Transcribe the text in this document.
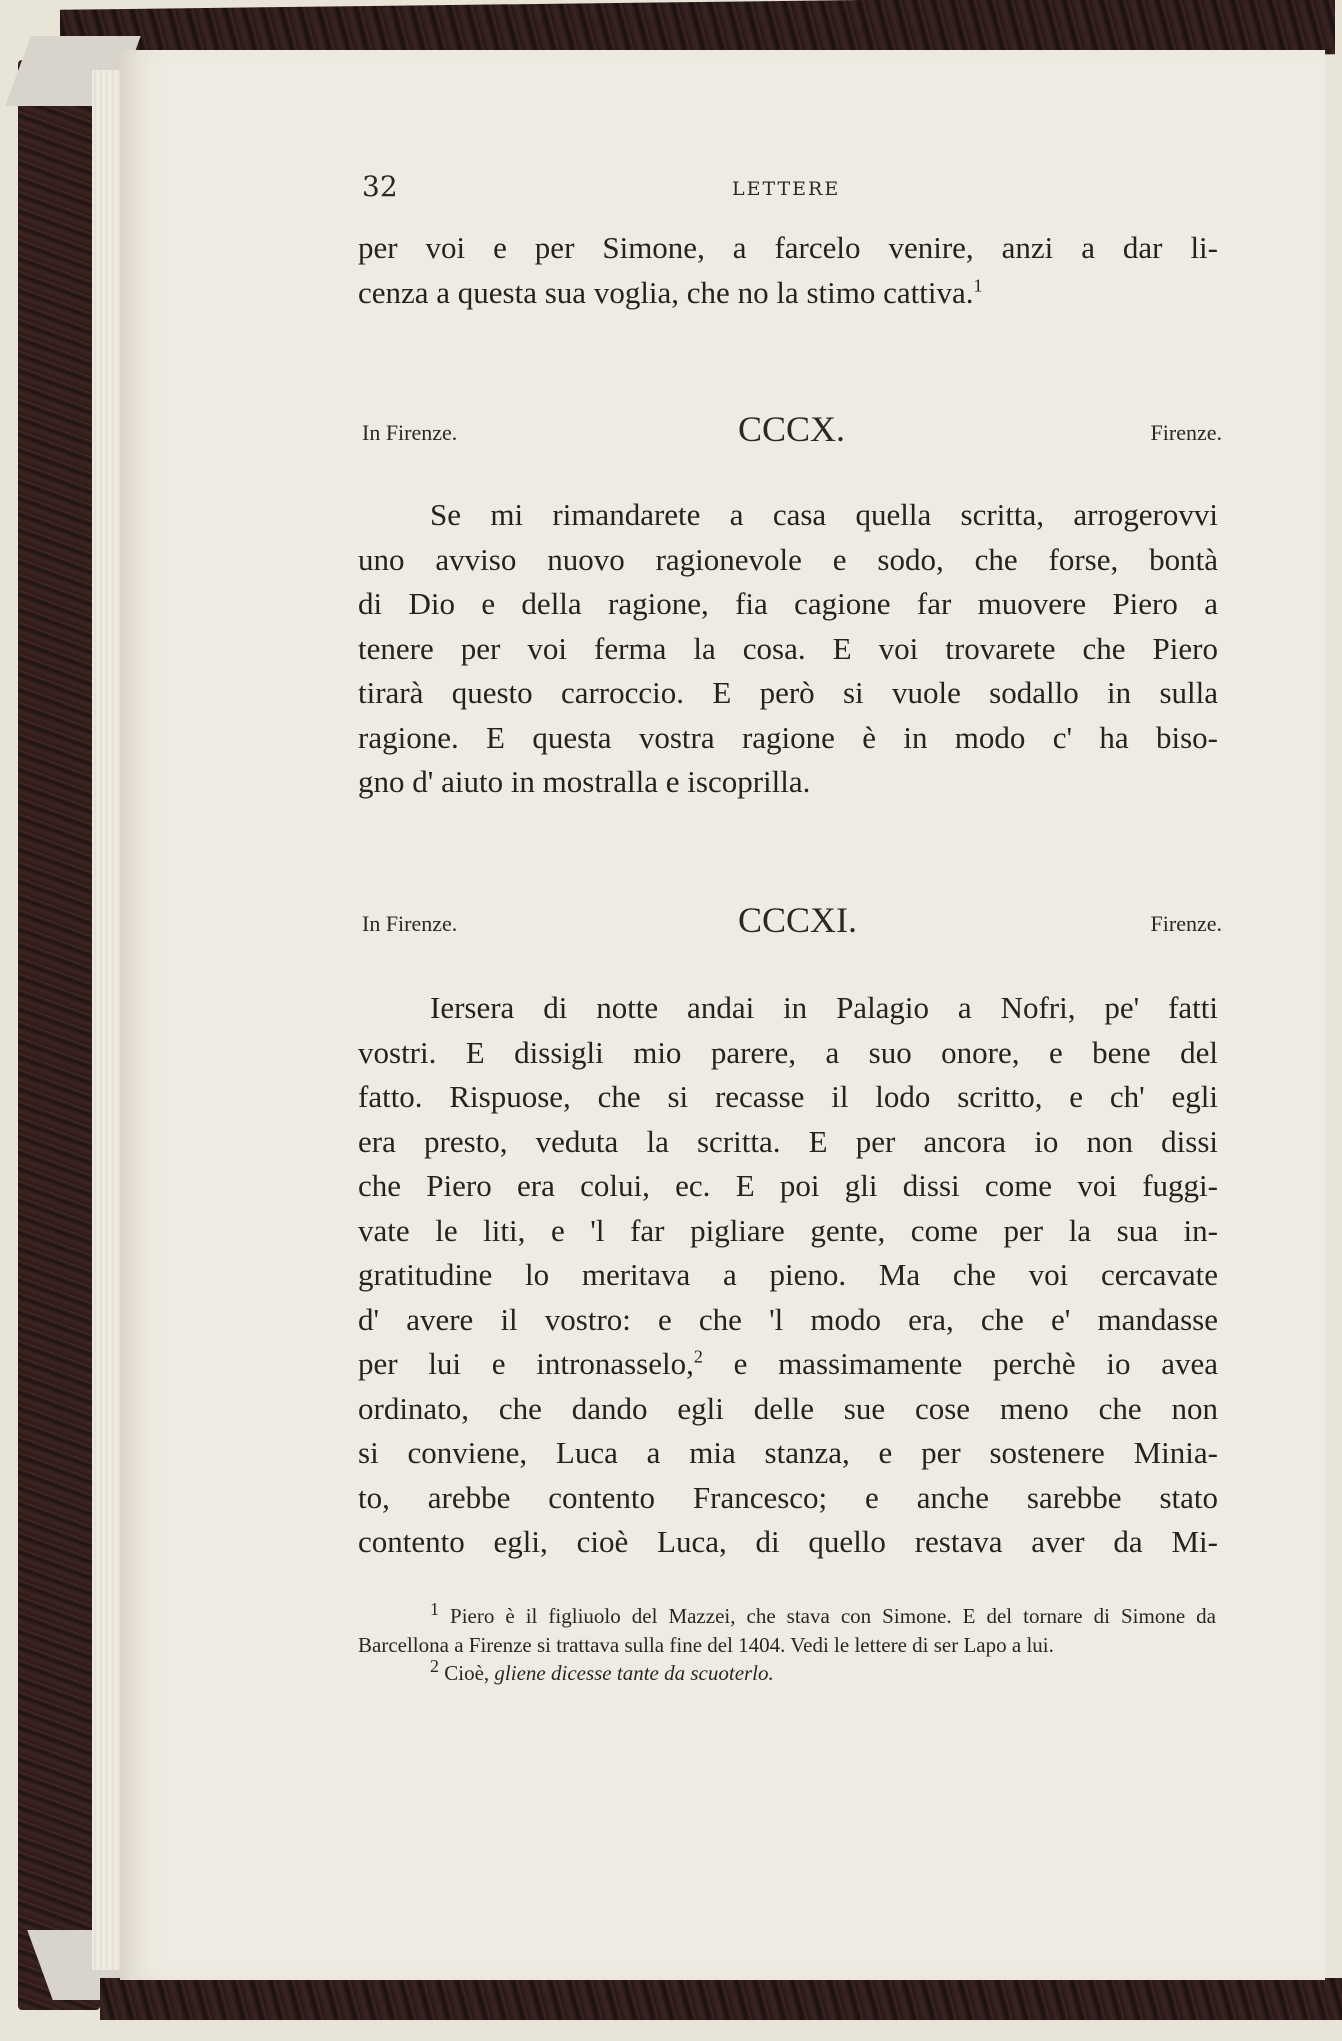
32	LETTERE
per voi e per Simone, a farcelo venire, anzi a dar li-
cenza a questa sua voglia, che no la stimo cattiva.$^1$
In Firenze.	CCCX.	Firenze.
Se mi rimandarete a casa quella scritta, arrogerovvi
uno avviso nuovo ragionevole e sodo, che forse, bontà
di Dio e della ragione, fia cagione far muovere Piero a
tenere per voi ferma la cosa. E voi trovarete che Piero
tirarà questo carroccio. E però si vuole sodallo in sulla
ragione. E questa vostra ragione è in modo c' ha biso-
gno d' aiuto in mostralla e iscoprilla.
In Firenze.	CCCXI.	Firenze.
Iersera di notte andai in Palagio a Nofri, pe' fatti
vostri. E dissigli mio parere, a suo onore, e bene del
fatto. Rispuose, che si recasse il lodo scritto, e ch' egli
era presto, veduta la scritta. E per ancora io non dissi
che Piero era colui, ec. E poi gli dissi come voi fuggi-
vate le liti, e 'l far pigliare gente, come per la sua in-
gratitudine lo meritava a pieno. Ma che voi cercavate
d' avere il vostro: e che 'l modo era, che e' mandasse
per lui e intronasselo,$^2$ e massimamente perchè io avea
ordinato, che dando egli delle sue cose meno che non
si conviene, Luca a mia stanza, e per sostenere Minia-
to, arebbe contento Francesco; e anche sarebbe stato
contento egli, cioè Luca, di quello restava aver da Mi-

$^1$ Piero è il figliuolo del Mazzei, che stava con Simone. E del tornare di Simone da Barcellona a Firenze si trattava sulla fine del 1404. Vedi le lettere di ser Lapo a lui.

$^2$ Cioè, gliene dicesse tante da scuoterlo.
